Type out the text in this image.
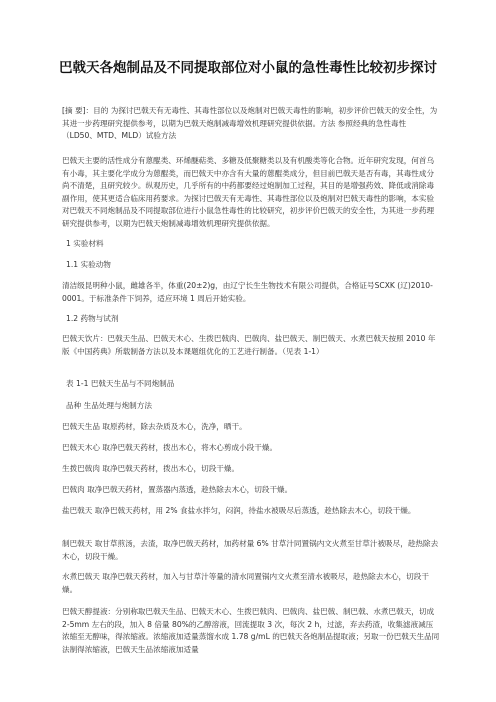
巴戟天各炮制品及不同提取部位对小鼠的急性毒性比较初步探讨

[摘 要]：目的 为探讨巴戟天有无毒性、其毒性部位以及炮制对巴戟天毒性的影响，初步评价巴戟天的安全性，为其进一步药理研究提供参考，以期为巴戟天炮制减毒增效机理研究提供依据。方法 参照经典的急性毒性（LD50、MTD、MLD）试验方法

巴戟天主要的活性成分有蒽醌类、环烯醚萜类、多糖及低聚糖类以及有机酸类等化合物。近年研究发现，何首乌有小毒，其主要化学成分为蒽醌类，而巴戟天中亦含有大量的蒽醌类成分，但目前巴戟天是否有毒，其毒性成分尚不清楚，且研究较少。纵观历史，几乎所有的中药都要经过炮制加工过程，其目的是增强药效、降低或消除毒副作用，使其更适合临床用药要求。为探讨巴戟天有无毒性、其毒性部位以及炮制对巴戟天毒性的影响，本实验对巴戟天不同炮制品及不同提取部位进行小鼠急性毒性的比较研究，初步评价巴戟天的安全性，为其进一步药理研究提供参考，以期为巴戟天炮制减毒增效机理研究提供依据。

1 实验材料
1.1 实验动物

清洁级昆明种小鼠，雌雄各半，体重(20±2)g，由辽宁长生生物技术有限公司提供，合格证号SCXK (辽)2010-0001。于标准条件下饲养，适应环境 1 周后开始实验。

1.2 药物与试剂

巴戟天饮片：巴戟天生品、巴戟天木心、生拨巴戟肉、巴戟肉、盐巴戟天、制巴戟天、水煮巴戟天按照 2010 年版《中国药典》所载制备方法以及本课题组优化的工艺进行制备。（见表 1-1）

表 1-1 巴戟天生品与不同炮制品
品种 生品处理与炮制方法

巴戟天生品 取原药材，除去杂质及木心，洗净，晒干。

巴戟天木心 取净巴戟天药材，拨出木心，将木心剪成小段干燥。

生拨巴戟肉 取净巴戟天药材，拨出木心，切段干燥。

巴戟肉 取净巴戟天药材，置蒸器内蒸透，趁热除去木心，切段干燥。

盐巴戟天 取净巴戟天药材，用 2% 食盐水拌匀，闷润，待盐水被吸尽后蒸透，趁热除去木心，切段干燥。

制巴戟天 取甘草煎汤，去渣，取净巴戟天药材，加药材量 6% 甘草汁同置锅内文火煮至甘草汁被吸尽，趁热除去木心，切段干燥。

水煮巴戟天 取净巴戟天药材，加入与甘草汁等量的清水同置锅内文火煮至清水被吸尽，趁热除去木心，切段干燥。

巴戟天醇提液：分别称取巴戟天生品、巴戟天木心、生拨巴戟肉、巴戟肉、盐巴戟、制巴戟、水煮巴戟天，切成 2-5mm 左右的段，加入 8 倍量 80%的乙醇溶液，回流提取 3 次，每次 2 h，过滤，弃去药渣，收集滤液减压浓缩至无醇味，得浓缩液。浓缩液加适量蒸馏水成 1.78 g/mL 的巴戟天各炮制品提取液；另取一份巴戟天生品同法制得浓缩液，巴戟天生品浓缩液加适量
